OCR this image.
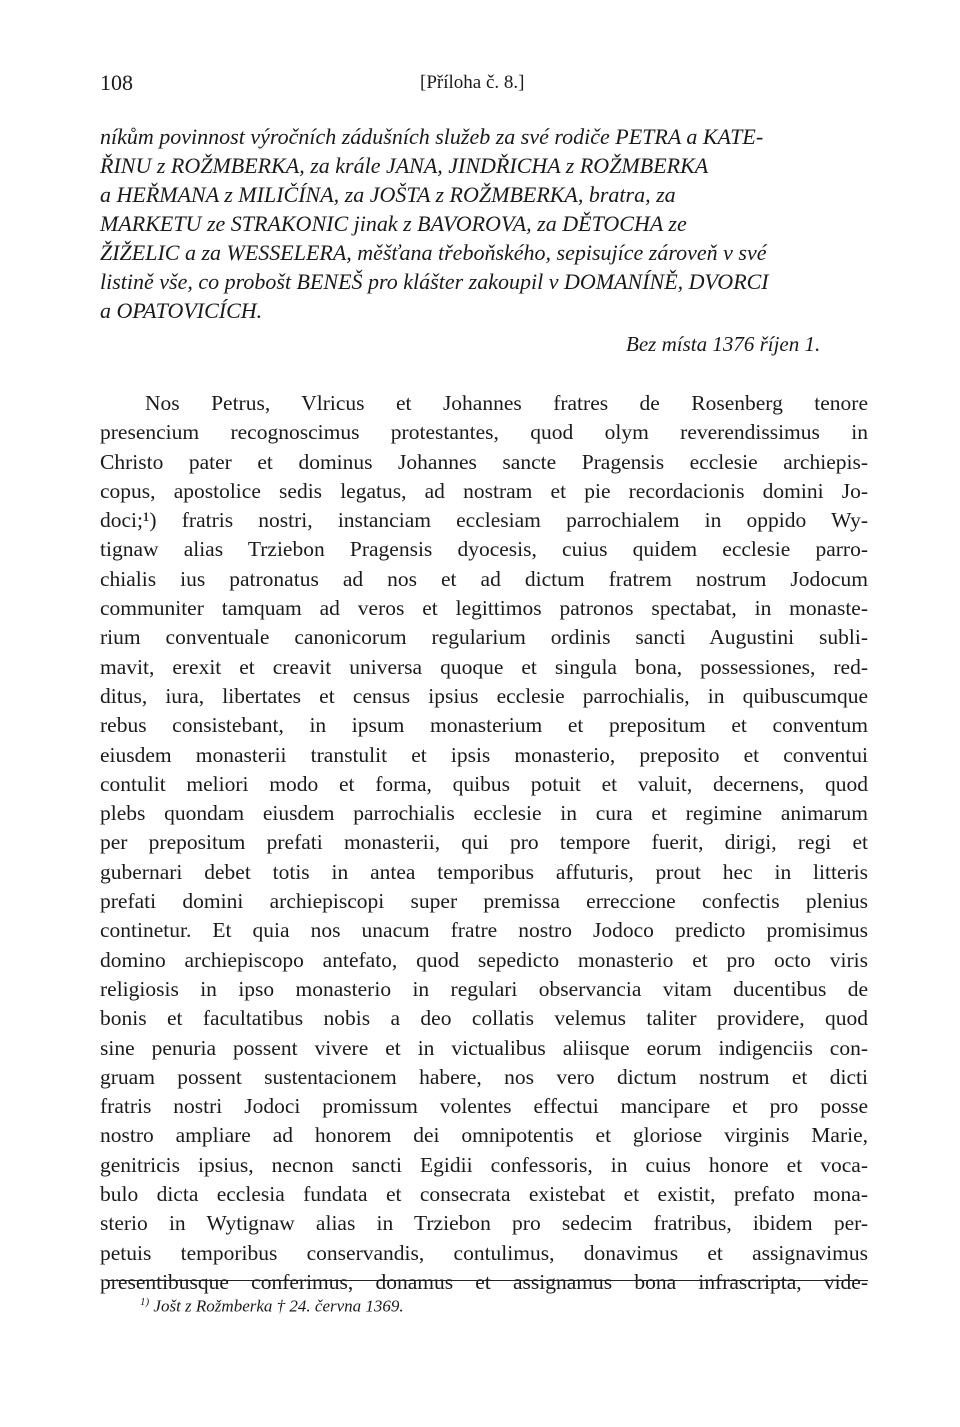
108	[Příloha č. 8.]
níkům povinnost výročních zádušních služeb za své rodiče PETRA a KATE-
ŘINU z ROŽMBERKA, za krále JANA, JINDŘICHA z ROŽMBERKA
a HEŘMANA z MILIČÍNA, za JOŠTA z ROŽMBERKA, bratra, za
MARKETU ze STRAKONIC jinak z BAVOROVA, za DĚTOCHA ze
ŽIŽELIC a za WESSELERA, měšťana třeboňského, sepisujíce zároveň v své
listině vše, co probošt BENEŠ pro klášter zakoupil v DOMANÍNĚ, DVORCI
a OPATOVICÍCH.
Bez místa 1376 říjen 1.
Nos Petrus, Vlricus et Johannes fratres de Rosenberg tenore
presencium recognoscimus protestantes, quod olym reverendissimus in
Christo pater et dominus Johannes sancte Pragensis ecclesie archiepis-
copus, apostolice sedis legatus, ad nostram et pie recordacionis domini Jo-
doci;¹) fratris nostri, instanciam ecclesiam parrochialem in oppido Wy-
tignaw alias Trziebon Pragensis dyocesis, cuius quidem ecclesie parro-
chialis ius patronatus ad nos et ad dictum fratrem nostrum Jodocum
communiter tamquam ad veros et legittimos patronos spectabat, in monaste-
rium conventuale canonicorum regularium ordinis sancti Augustini subli-
mavit, erexit et creavit universa quoque et singula bona, possessiones, red-
ditus, iura, libertates et census ipsius ecclesie parrochialis, in quibuscumque
rebus consistebant, in ipsum monasterium et prepositum et conventum
eiusdem monasterii transtulit et ipsis monasterio, preposito et conventui
contulit meliori modo et forma, quibus potuit et valuit, decernens, quod
plebs quondam eiusdem parrochialis ecclesie in cura et regimine animarum
per prepositum prefati monasterii, qui pro tempore fuerit, dirigi, regi et
gubernari debet totis in antea temporibus affuturis, prout hec in litteris
prefati domini archiepiscopi super premissa erreccione confectis plenius
continetur. Et quia nos unacum fratre nostro Jodoco predicto promisimus
domino archiepiscopo antefato, quod sepedicto monasterio et pro octo viris
religiosis in ipso monasterio in regulari observancia vitam ducentibus de
bonis et facultatibus nobis a deo collatis velemus taliter providere, quod
sine penuria possent vivere et in victualibus aliisque eorum indigenciis con-
gruam possent sustentacionem habere, nos vero dictum nostrum et dicti
fratris nostri Jodoci promissum volentes effectui mancipare et pro posse
nostro ampliare ad honorem dei omnipotentis et gloriose virginis Marie,
genitricis ipsius, necnon sancti Egidii confessoris, in cuius honore et voca-
bulo dicta ecclesia fundata et consecrata existebat et existit, prefato mona-
sterio in Wytignaw alias in Trziebon pro sedecim fratribus, ibidem per-
petuis temporibus conservandis, contulimus, donavimus et assignavimus
presentibusque conferimus, donamus et assignamus bona infrascripta, vide-
$^{1)}$ Jošt z Rožmberka † 24. června 1369.
